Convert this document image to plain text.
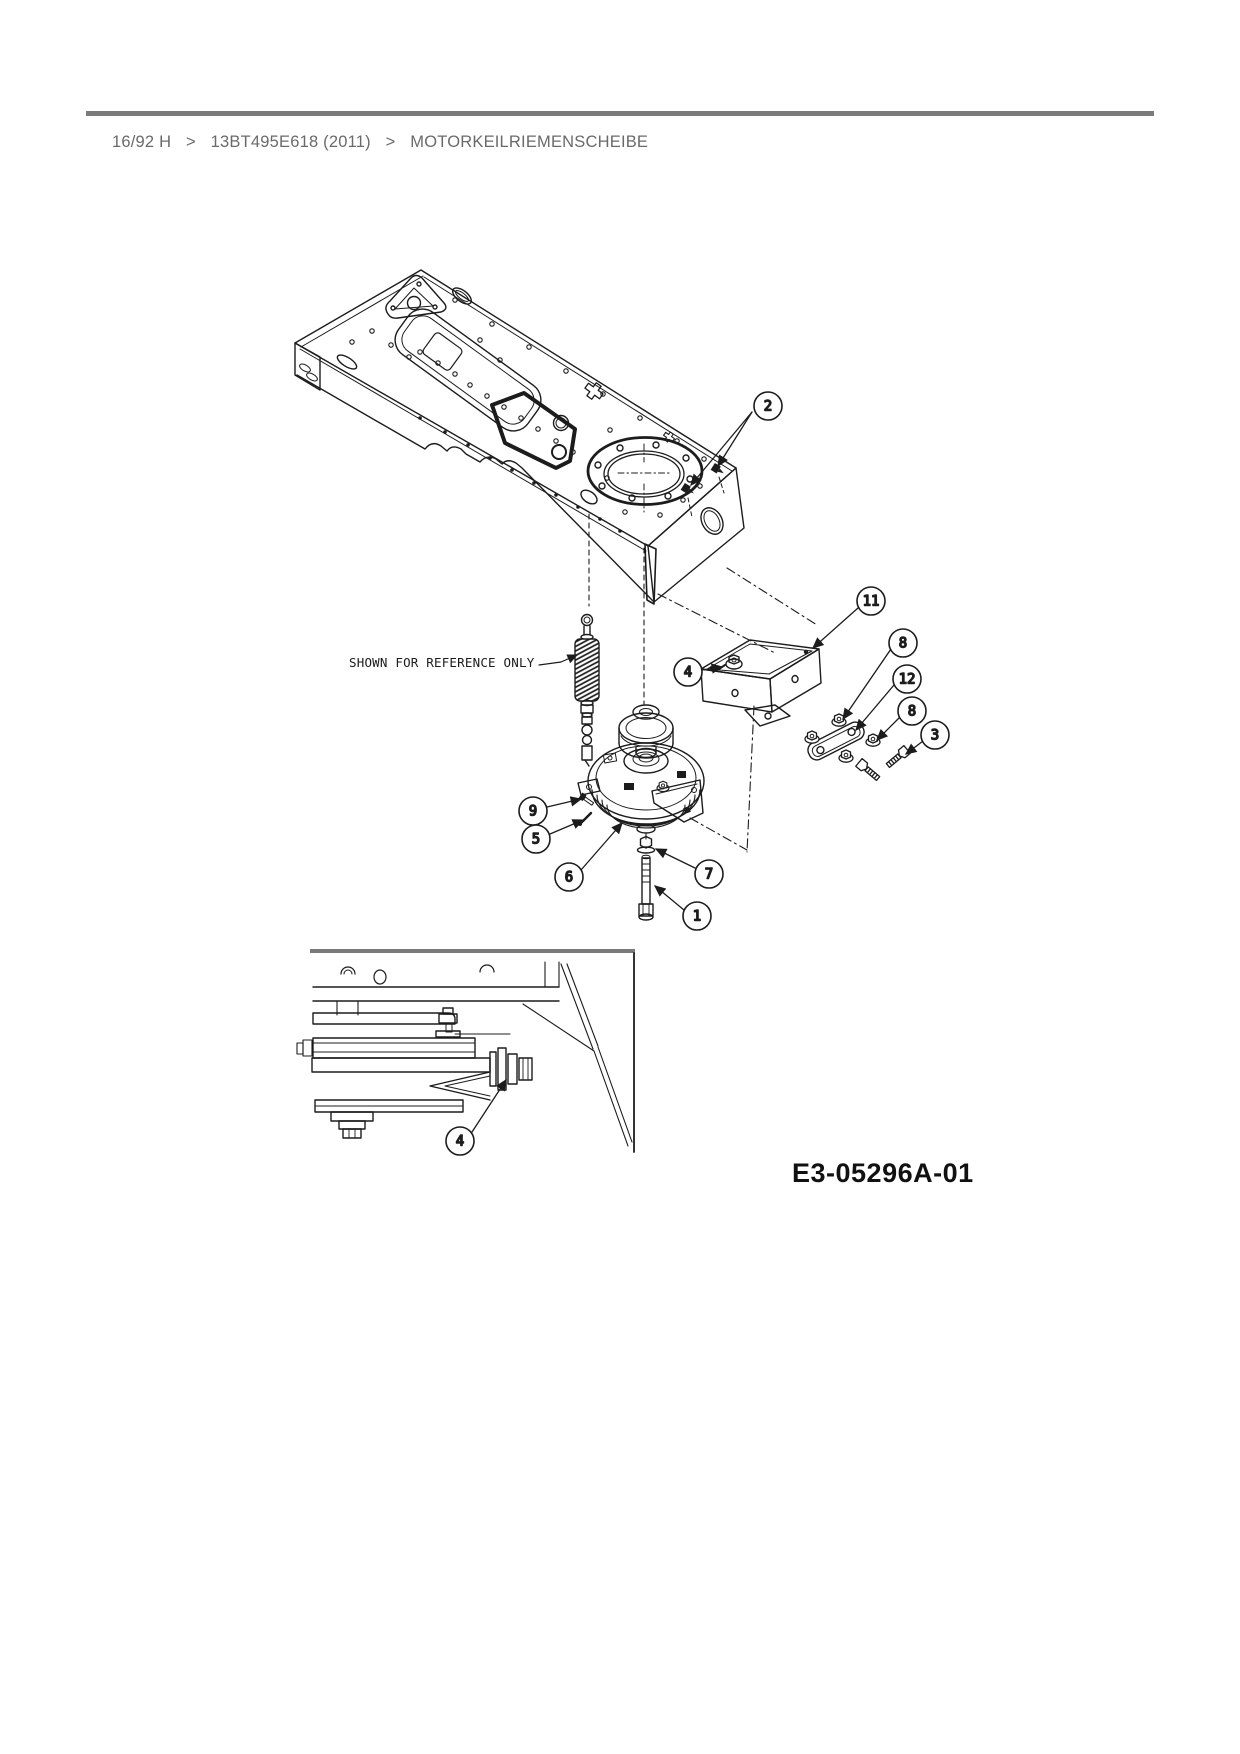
16/92 H > 13BT495E618 (2011) > MOTORKEILRIEMENSCHEIBE
2
11
4
8
12
8
3
9
5
6	7
1
4
SHOWN FOR REFERENCE ONLY
E3-05296A-01
